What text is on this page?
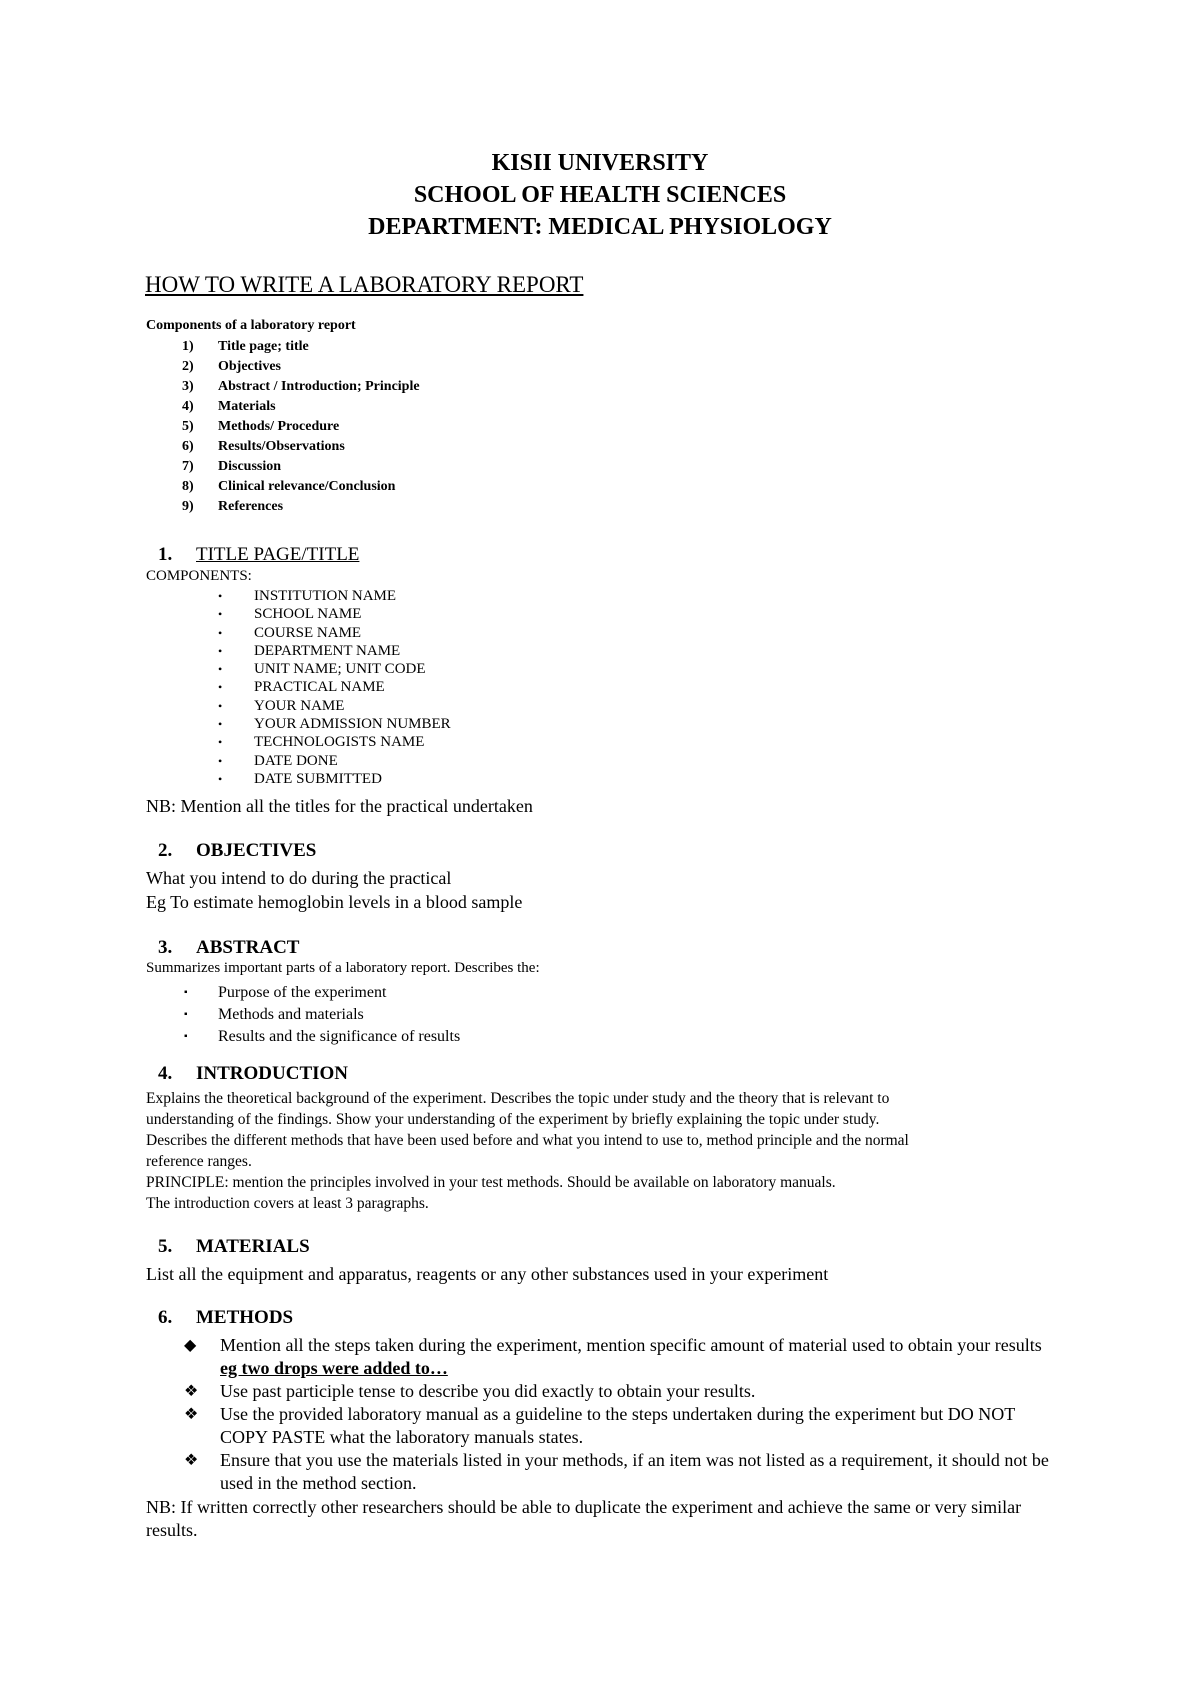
KISII UNIVERSITY

SCHOOL OF HEALTH SCIENCES

DEPARTMENT: MEDICAL PHYSIOLOGY

HOW TO WRITE A LABORATORY REPORT

Components of a laboratory report

1) Title page; title
2) Objectives
3) Abstract / Introduction; Principle
4) Materials
5) Methods/ Procedure
6) Results/Observations
7) Discussion
8) Clinical relevance/Conclusion
9) References

1. TITLE PAGE/TITLE

COMPONENTS:

• INSTITUTION NAME
• SCHOOL NAME
• COURSE NAME
• DEPARTMENT NAME
• UNIT NAME; UNIT CODE
• PRACTICAL NAME
• YOUR NAME
• YOUR ADMISSION NUMBER
• TECHNOLOGISTS NAME
• DATE DONE
• DATE SUBMITTED

NB: Mention all the titles for the practical undertaken

2. OBJECTIVES

What you intend to do during the practical

Eg To estimate hemoglobin levels in a blood sample

3. ABSTRACT

Summarizes important parts of a laboratory report. Describes the:

▪ Purpose of the experiment
▪ Methods and materials
▪ Results and the significance of results

4. INTRODUCTION

Explains the theoretical background of the experiment. Describes the topic under study and the theory that is relevant to

understanding of the findings. Show your understanding of the experiment by briefly explaining the topic under study.

Describes the different methods that have been used before and what you intend to use to, method principle and the normal

reference ranges.

PRINCIPLE: mention the principles involved in your test methods. Should be available on laboratory manuals.

The introduction covers at least 3 paragraphs.

5. MATERIALS

List all the equipment and apparatus, reagents or any other substances used in your experiment

6. METHODS

◆ Mention all the steps taken during the experiment, mention specific amount of material used to obtain your results eg two drops were added to…
❖ Use past participle tense to describe you did exactly to obtain your results.
❖ Use the provided laboratory manual as a guideline to the steps undertaken during the experiment but DO NOT COPY PASTE what the laboratory manuals states.
❖ Ensure that you use the materials listed in your methods, if an item was not listed as a requirement, it should not be used in the method section.

NB: If written correctly other researchers should be able to duplicate the experiment and achieve the same or very similar results.
